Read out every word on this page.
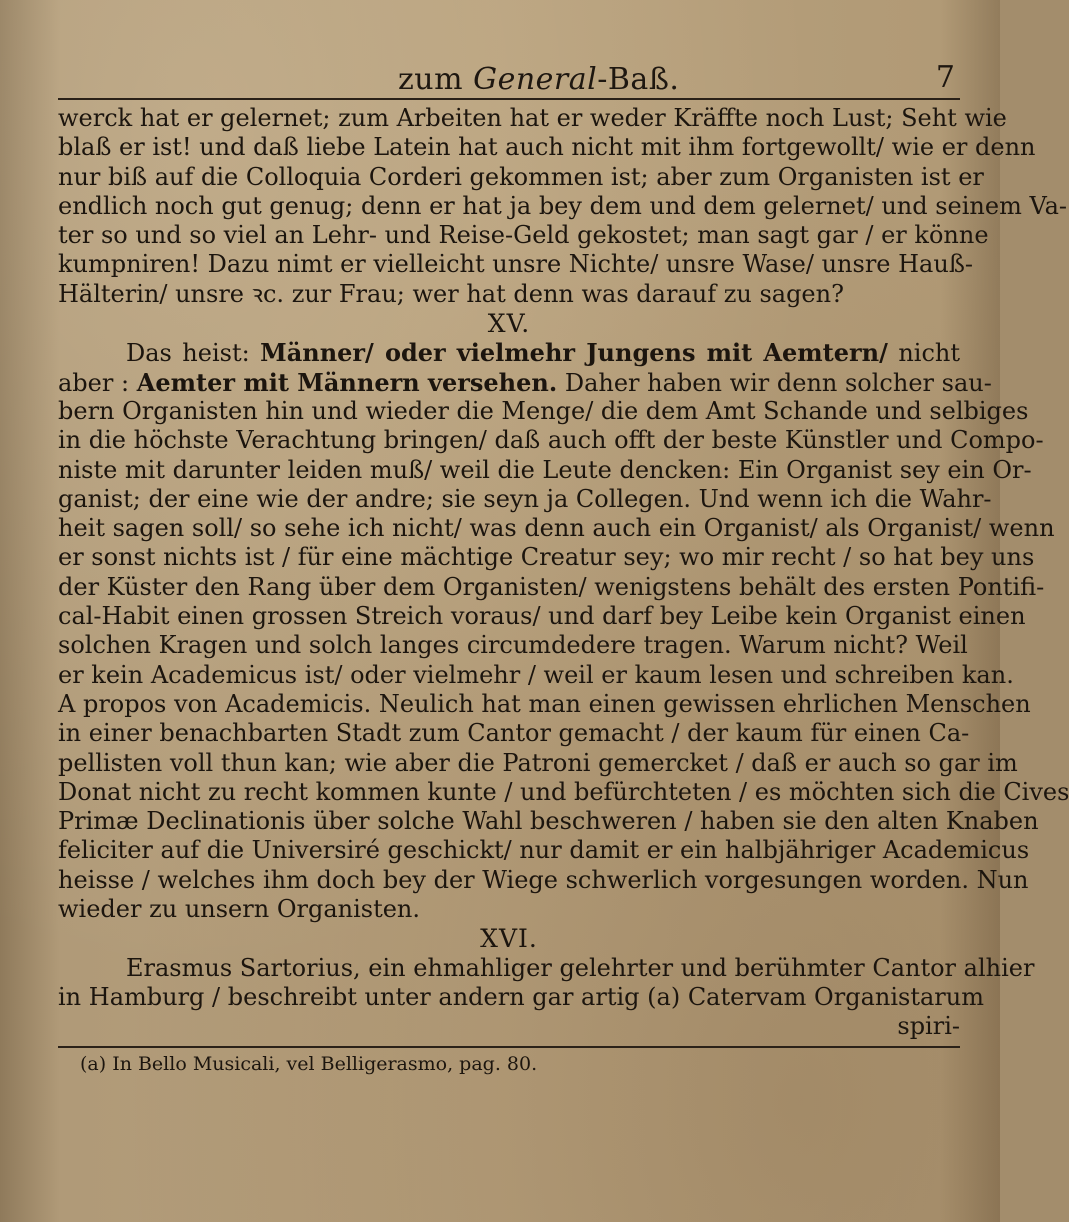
zum General-Baß.	7
werck hat er gelernet; zum Arbeiten hat er weder Kräffte noch Lust; Seht wie
blaß er ist! und daß liebe Latein hat auch nicht mit ihm fortgewollt/ wie er denn
nur biß auf die Colloquia Corderi gekommen ist; aber zum Organisten ist er
endlich noch gut genug; denn er hat ja bey dem und dem gelernet/ und seinem Va-
ter so und so viel an Lehr- und Reise-Geld gekostet; man sagt gar / er könne
kumpniren! Dazu nimt er vielleicht unsre Nichte/ unsre Wase/ unsre Hauß-
Hälterin/ unsre ꝛc. zur Frau; wer hat denn was darauf zu sagen?
XV.
Das heist: Männer/ oder vielmehr Jungens mit Aemtern/ nicht
aber : Aemter mit Männern versehen. Daher haben wir denn solcher sau-
bern Organisten hin und wieder die Menge/ die dem Amt Schande und selbiges
in die höchste Verachtung bringen/ daß auch offt der beste Künstler und Compo-
niste mit darunter leiden muß/ weil die Leute dencken: Ein Organist sey ein Or-
ganist; der eine wie der andre; sie seyn ja Collegen. Und wenn ich die Wahr-
heit sagen soll/ so sehe ich nicht/ was denn auch ein Organist/ als Organist/ wenn
er sonst nichts ist / für eine mächtige Creatur sey; wo mir recht / so hat bey uns
der Küster den Rang über dem Organisten/ wenigstens behält des ersten Pontifi-
cal-Habit einen grossen Streich voraus/ und darf bey Leibe kein Organist einen
solchen Kragen und solch langes circumdedere tragen. Warum nicht? Weil
er kein Academicus ist/ oder vielmehr / weil er kaum lesen und schreiben kan.
A propos von Academicis. Neulich hat man einen gewissen ehrlichen Menschen
in einer benachbarten Stadt zum Cantor gemacht / der kaum für einen Ca-
pellisten voll thun kan; wie aber die Patroni gemercket / daß er auch so gar im
Donat nicht zu recht kommen kunte / und befürchteten / es möchten sich die Cives
Primæ Declinationis über solche Wahl beschweren / haben sie den alten Knaben
feliciter auf die Universiré geschickt/ nur damit er ein halbjähriger Academicus
heisse / welches ihm doch bey der Wiege schwerlich vorgesungen worden. Nun
wieder zu unsern Organisten.
XVI.
Erasmus Sartorius, ein ehmahliger gelehrter und berühmter Cantor alhier
in Hamburg / beschreibt unter andern gar artig (a) Catervam Organistarum
spiri-
(a) In Bello Musicali, vel Belligerasmo, pag. 80.
